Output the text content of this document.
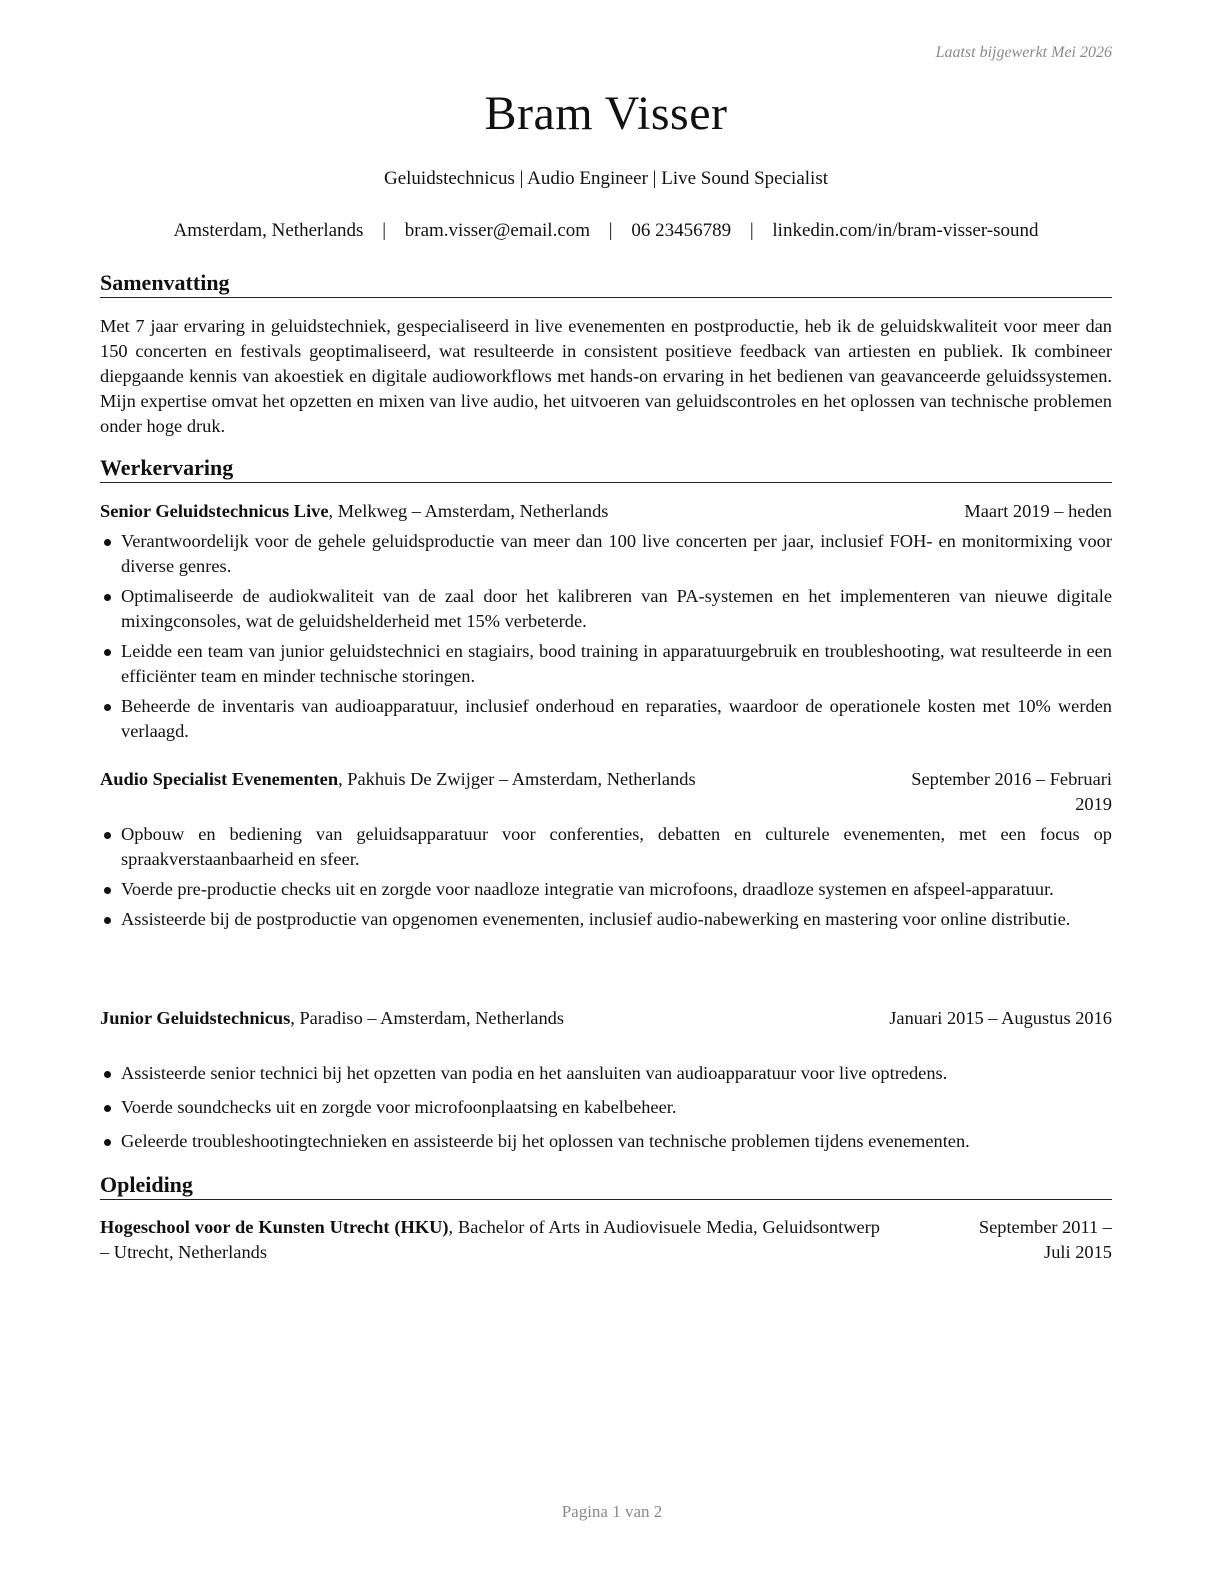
Laatst bijgewerkt Mei 2026
Bram Visser
Geluidstechnicus | Audio Engineer | Live Sound Specialist
Amsterdam, Netherlands | bram.visser@email.com | 06 23456789 | linkedin.com/in/bram-visser-sound
Samenvatting
Met 7 jaar ervaring in geluidstechniek, gespecialiseerd in live evenementen en postproductie, heb ik de geluidskwaliteit voor meer dan 150 concerten en festivals geoptimaliseerd, wat resulteerde in consistent positieve feedback van artiesten en publiek. Ik combineer diepgaande kennis van akoestiek en digitale audioworkflows met hands-on ervaring in het bedienen van geavanceerde geluidssystemen. Mijn expertise omvat het opzetten en mixen van live audio, het uitvoeren van geluidscontroles en het oplossen van technische problemen onder hoge druk.
Werkervaring
Senior Geluidstechnicus Live, Melkweg – Amsterdam, Netherlands	Maart 2019 – heden
Verantwoordelijk voor de gehele geluidsproductie van meer dan 100 live concerten per jaar, inclusief FOH- en monitormixing voor diverse genres.
Optimaliseerde de audiokwaliteit van de zaal door het kalibreren van PA-systemen en het implementeren van nieuwe digitale mixingconsoles, wat de geluidshelderheid met 15% verbeterde.
Leidde een team van junior geluidstechnici en stagiairs, bood training in apparatuurgebruik en troubleshooting, wat resulteerde in een efficiënter team en minder technische storingen.
Beheerde de inventaris van audioapparatuur, inclusief onderhoud en reparaties, waardoor de operationele kosten met 10% werden verlaagd.
Audio Specialist Evenementen, Pakhuis De Zwijger – Amsterdam, Netherlands	September 2016 – Februari 2019
Opbouw en bediening van geluidsapparatuur voor conferenties, debatten en culturele evenementen, met een focus op spraakverstaanbaarheid en sfeer.
Voerde pre-productie checks uit en zorgde voor naadloze integratie van microfoons, draadloze systemen en afspeel-apparatuur.
Assisteerde bij de postproductie van opgenomen evenementen, inclusief audio-nabewerking en mastering voor online distributie.
Junior Geluidstechnicus, Paradiso – Amsterdam, Netherlands	Januari 2015 – Augustus 2016
Assisteerde senior technici bij het opzetten van podia en het aansluiten van audioapparatuur voor live optredens.
Voerde soundchecks uit en zorgde voor microfoonplaatsing en kabelbeheer.
Geleerde troubleshootingtechnieken en assisteerde bij het oplossen van technische problemen tijdens evenementen.
Opleiding
Hogeschool voor de Kunsten Utrecht (HKU), Bachelor of Arts in Audiovisuele Media, Geluidsontwerp – Utrecht, Netherlands
September 2011 – Juli 2015
Pagina 1 van 2
